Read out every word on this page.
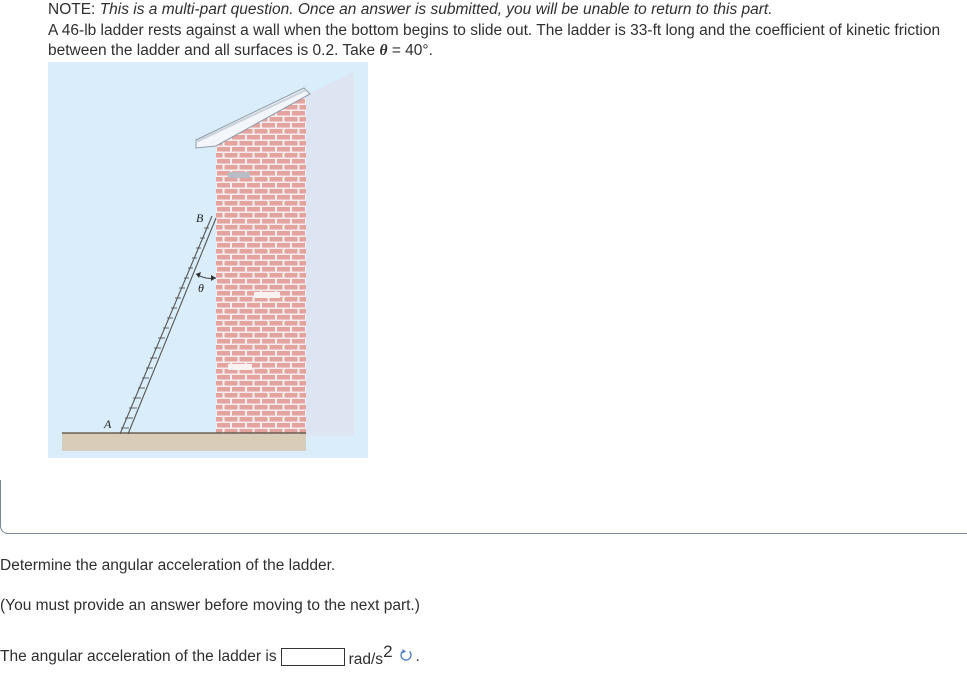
NOTE: This is a multi-part question. Once an answer is submitted, you will be unable to return to this part.

A 46-lb ladder rests against a wall when the bottom begins to slide out. The ladder is 33-ft long and the coefficient of kinetic friction between the ladder and all surfaces is 0.2. Take θ = 40°.

B
θ
A

Determine the angular acceleration of the ladder.

(You must provide an answer before moving to the next part.)

The angular acceleration of the ladder is	rad/$s^2$ .
